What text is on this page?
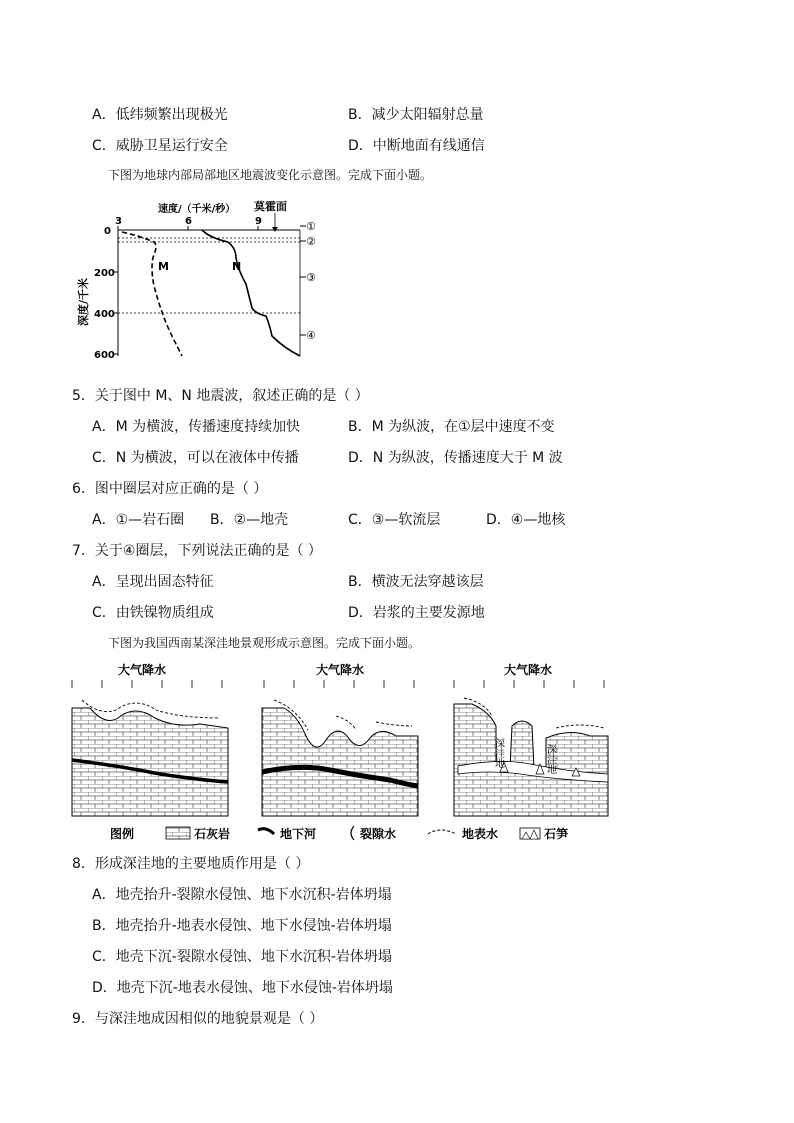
A．低纬频繁出现极光	B．减少太阳辐射总量
C．威胁卫星运行安全	D．中断地面有线通信
下图为地球内部局部地区地震波变化示意图。完成下面小题。
3	6	9
速度/（千米/秒） 莫霍面
0
200
400
600
深度/千米
①
②
③
④
M	N
5．关于图中 M、N 地震波，叙述正确的是（ ）
A．M 为横波，传播速度持续加快	B．M 为纵波，在①层中速度不变
C．N 为横波，可以在液体中传播	D．N 为纵波，传播速度大于 M 波
6．图中圈层对应正确的是（ ）
A．①—岩石圈 B．②—地壳	C．③—软流层	D．④—地核
7．关于④圈层，下列说法正确的是（ ）
A．呈现出固态特征	B．横波无法穿越该层
C．由铁镍物质组成	D．岩浆的主要发源地
下图为我国西南某深洼地景观形成示意图。完成下面小题。
大气降水	大气降水	大气降水
深洼地	深洼地
图例	石灰岩	地下河	裂隙水	地表水	石笋
8．形成深洼地的主要地质作用是（ ）
A．地壳抬升-裂隙水侵蚀、地下水沉积-岩体坍塌
B．地壳抬升-地表水侵蚀、地下水侵蚀-岩体坍塌
C．地壳下沉-裂隙水侵蚀、地下水沉积-岩体坍塌
D．地壳下沉-地表水侵蚀、地下水侵蚀-岩体坍塌
9．与深洼地成因相似的地貌景观是（ ）
